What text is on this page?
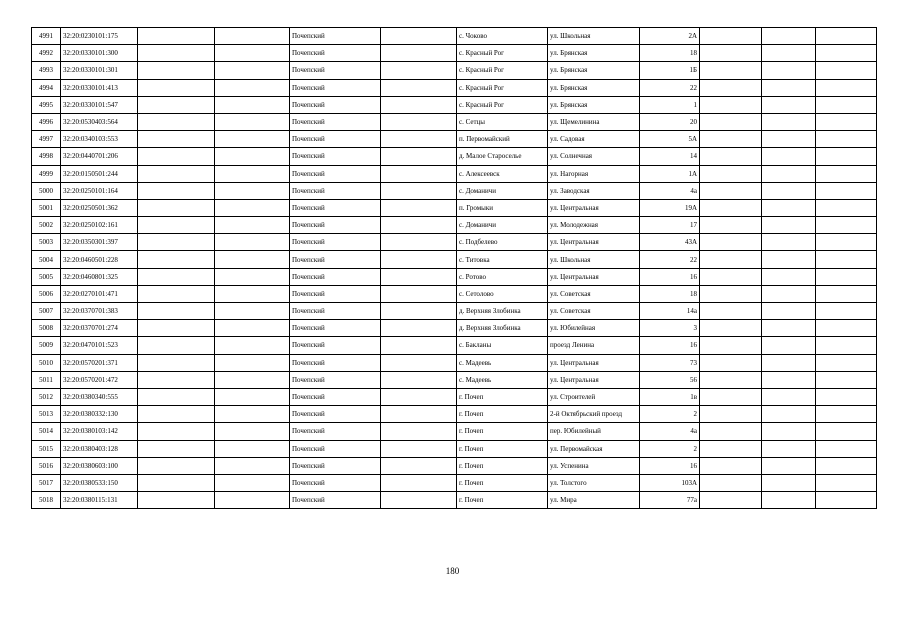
4991	32:20:0230101:175			Почепский		с. Чоково	ул. Школьная	2А			
4992	32:20:0330101:300			Почепский		с. Красный Рог	ул. Брянская	18			
4993	32:20:0330101:301			Почепский		с. Красный Рог	ул. Брянская	1Б			
4994	32:20:0330101:413			Почепский		с. Красный Рог	ул. Брянская	22			
4995	32:20:0330101:547			Почепский		с. Красный Рог	ул. Брянская	1			
4996	32:20:0530403:564			Почепский		с. Сетцы	ул. Щемелинина	20			
4997	32:20:0340103:553			Почепский		п. Первомайский	ул. Садовая	5А			
4998	32:20:0440701:206			Почепский		д. Малое Староселье	ул. Солнечная	14			
4999	32:20:0150501:244			Почепский		с. Алексеевск	ул. Нагорная	1А			
5000	32:20:0250101:164			Почепский		с. Доманичи	ул. Заводская	4а			
5001	32:20:0250501:362			Почепский		п. Громыки	ул. Центральная	19А			
5002	32:20:0250102:161			Почепский		с. Доманичи	ул. Молодежная	17			
5003	32:20:0350301:397			Почепский		с. Подбелево	ул. Центральная	43А			
5004	32:20:0460501:228			Почепский		с. Титовка	ул. Школьная	22			
5005	32:20:0460801:325			Почепский		с. Ротово	ул. Центральная	16			
5006	32:20:0270101:471			Почепский		с. Сетолово	ул. Советская	18			
5007	32:20:0370701:383			Почепский		д. Верхняя Злобинка	ул. Советская	14а			
5008	32:20:0370701:274			Почепский		д. Верхняя Злобинка	ул. Юбилейная	3			
5009	32:20:0470101:523			Почепский		с. Бакланы	проезд Ленина	16			
5010	32:20:0570201:371			Почепский		с. Мадеевь	ул. Центральная	73			
5011	32:20:0570201:472			Почепский		с. Мадеевь	ул. Центральная	56			
5012	32:20:0380340:555			Почепский		г. Почеп	ул. Строителей	1в			
5013	32:20:0380332:130			Почепский		г. Почеп	2-й Октябрьский проезд	2			
5014	32:20:0380103:142			Почепский		г. Почеп	пер. Юбилейный	4а			
5015	32:20:0380403:128			Почепский		г. Почеп	ул. Первомайская	2			
5016	32:20:0380603:100			Почепский		г. Почеп	ул. Успенина	16			
5017	32:20:0380533:150			Почепский		г. Почеп	ул. Толстого	103А			
5018	32:20:0380115:131			Почепский		г. Почеп	ул. Мира	77а			
180
